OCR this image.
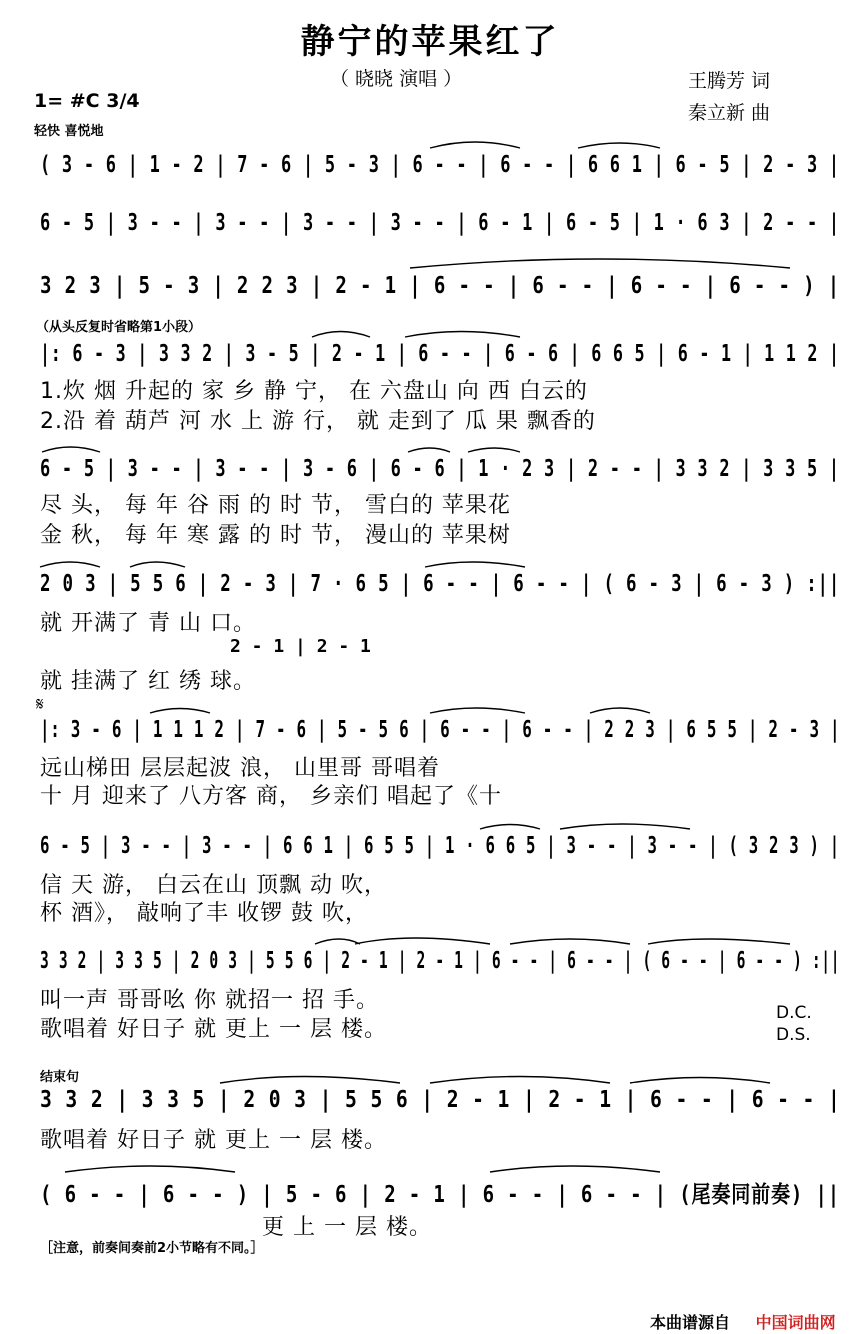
静宁的苹果红了
（ 晓晓 演唱 ）	王腾芳 词
秦立新 曲
1= #C 3/4
轻快 喜悦地
( 3 - 6 | 1 - 2 | 7 - 6 | 5 - 3 | 6 - - | 6 - - | 6 6 1 | 6 - 5 | 2 - 3 |
6 - 5 | 3 - - | 3 - - | 3 - - | 3 - - | 6 - 1 | 6 - 5 | 1 · 6 3 | 2 - - |
3 2 3 | 5 - 3 | 2 2 3 | 2 - 1 | 6 - - | 6 - - | 6 - - | 6 - - ) |
（从头反复时省略第1小段）
|: 6 - 3 | 3 3 2 | 3 - 5 | 2 - 1 | 6 - - | 6 - 6 | 6 6 5 | 6 - 1 | 1 1 2 |
1.炊 烟 升起的 家 乡 静 宁， 在 六盘山 向 西 白云的
2.沿 着 葫芦 河 水 上 游 行， 就 走到了 瓜 果 飘香的
6 - 5 | 3 - - | 3 - - | 3 - 6 | 6 - 6 | 1 · 2 3 | 2 - - | 3 3 2 | 3 3 5 |
尽 头， 每 年 谷 雨 的 时 节， 雪白的 苹果花
金 秋， 每 年 寒 露 的 时 节， 漫山的 苹果树
2 0 3 | 5 5 6 | 2 - 3 | 7 · 6 5 | 6 - - | 6 - - | ( 6 - 3 | 6 - 3 ) :||
就 开满了 青 山 口。
2 - 1 | 2 - 1
就 挂满了 红 绣 球。
𝄋
|: 3 - 6 | 1 1 1 2 | 7 - 6 | 5 - 5 6 | 6 - - | 6 - - | 2 2 3 | 6 5 5 | 2 - 3 |
远山梯田 层层起波 浪， 山里哥 哥唱着
十 月 迎来了 八方客 商， 乡亲们 唱起了《十
6 - 5 | 3 - - | 3 - - | 6 6 1 | 6 5 5 | 1 · 6 6 5 | 3 - - | 3 - - | ( 3 2 3 ) |
信 天 游， 白云在山 顶飘 动 吹，
杯 酒》， 敲响了丰 收锣 鼓 吹，
3 3 2 | 3 3 5 | 2 0 3 | 5 5 6 | 2 - 1 | 2 - 1 | 6 - - | 6 - - | ( 6 - - | 6 - - ) :||
叫一声 哥哥吆 你 就招一 招 手。
歌唱着 好日子 就 更上 一 层 楼。
D.C.
D.S.
结束句
3 3 2 | 3 3 5 | 2 0 3 | 5 5 6 | 2 - 1 | 2 - 1 | 6 - - | 6 - - |
歌唱着 好日子 就 更上 一 层 楼。
( 6 - - | 6 - - ) | 5 - 6 | 2 - 1 | 6 - - | 6 - - | (尾奏同前奏) ||
更 上 一 层 楼。
［注意，前奏间奏前2小节略有不同。］
本曲谱源自 中国词曲网
